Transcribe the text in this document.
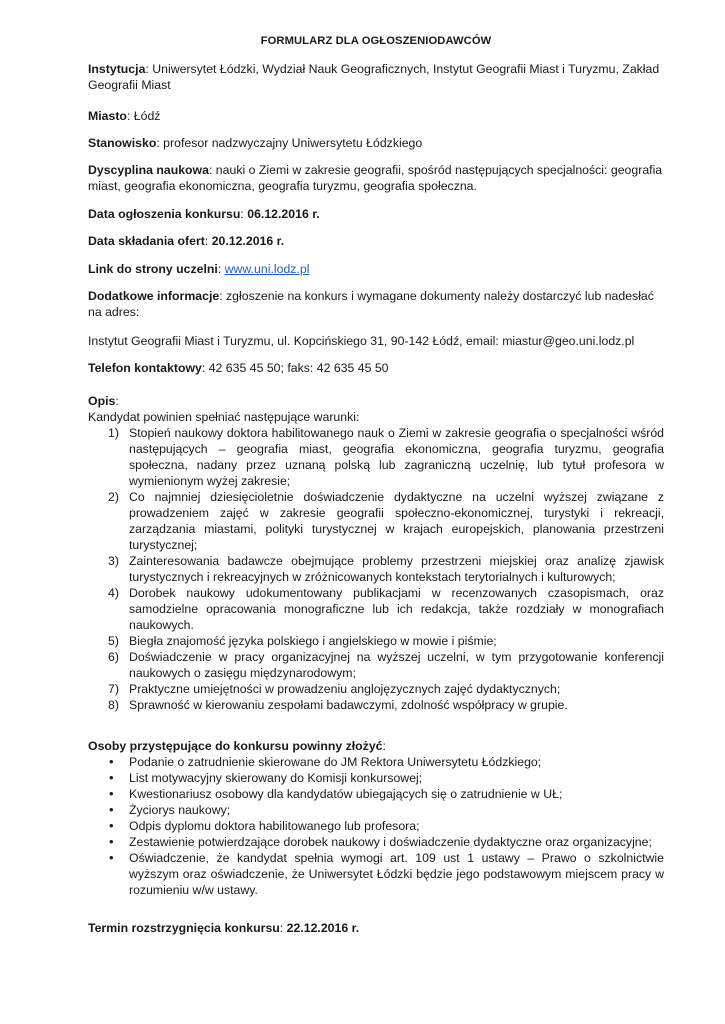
FORMULARZ DLA OGŁOSZENIODAWCÓW

Instytucja: Uniwersytet Łódzki, Wydział Nauk Geograficznych, Instytut Geografii Miast i Turyzmu, Zakład Geografii Miast

Miasto: Łódź

Stanowisko: profesor nadzwyczajny Uniwersytetu Łódzkiego

Dyscyplina naukowa: nauki o Ziemi w zakresie geografii, spośród następujących specjalności: geografia miast, geografia ekonomiczna, geografia turyzmu, geografia społeczna.

Data ogłoszenia konkursu: 06.12.2016 r.

Data składania ofert: 20.12.2016 r.

Link do strony uczelni: www.uni.lodz.pl

Dodatkowe informacje: zgłoszenie na konkurs i wymagane dokumenty należy dostarczyć lub nadesłać na adres:

Instytut Geografii Miast i Turyzmu, ul. Kopcińskiego 31, 90-142 Łódź, email: miastur@geo.uni.lodz.pl

Telefon kontaktowy: 42 635 45 50; faks: 42 635 45 50

Opis:

Kandydat powinien spełniać następujące warunki:

1) Stopień naukowy doktora habilitowanego nauk o Ziemi w zakresie geografia o specjalności wśród następujących – geografia miast, geografia ekonomiczna, geografia turyzmu, geografia społeczna, nadany przez uznaną polską lub zagraniczną uczelnię, lub tytuł profesora w wymienionym wyżej zakresie;
2) Co najmniej dziesięcioletnie doświadczenie dydaktyczne na uczelni wyższej związane z prowadzeniem zajęć w zakresie geografii społeczno-ekonomicznej, turystyki i rekreacji, zarządzania miastami, polityki turystycznej w krajach europejskich, planowania przestrzeni turystycznej;
3) Zainteresowania badawcze obejmujące problemy przestrzeni miejskiej oraz analizę zjawisk turystycznych i rekreacyjnych w zróżnicowanych kontekstach terytorialnych i kulturowych;
4) Dorobek naukowy udokumentowany publikacjami w recenzowanych czasopismach, oraz samodzielne opracowania monograficzne lub ich redakcja, także rozdziały w monografiach naukowych.
5) Biegła znajomość języka polskiego i angielskiego w mowie i piśmie;
6) Doświadczenie w pracy organizacyjnej na wyższej uczelni, w tym przygotowanie konferencji naukowych o zasięgu międzynarodowym;
7) Praktyczne umiejętności w prowadzeniu anglojęzycznych zajęć dydaktycznych;
8) Sprawność w kierowaniu zespołami badawczymi, zdolność współpracy w grupie.

Osoby przystępujące do konkursu powinny złożyć:

• Podanie o zatrudnienie skierowane do JM Rektora Uniwersytetu Łódzkiego;
• List motywacyjny skierowany do Komisji konkursowej;
• Kwestionariusz osobowy dla kandydatów ubiegających się o zatrudnienie w UŁ;
• Życiorys naukowy;
• Odpis dyplomu doktora habilitowanego lub profesora;
• Zestawienie potwierdzające dorobek naukowy i doświadczenie dydaktyczne oraz organizacyjne;
• Oświadczenie, że kandydat spełnia wymogi art. 109 ust 1 ustawy – Prawo o szkolnictwie wyższym oraz oświadczenie, że Uniwersytet Łódzki będzie jego podstawowym miejscem pracy w rozumieniu w/w ustawy.

Termin rozstrzygnięcia konkursu: 22.12.2016 r.
